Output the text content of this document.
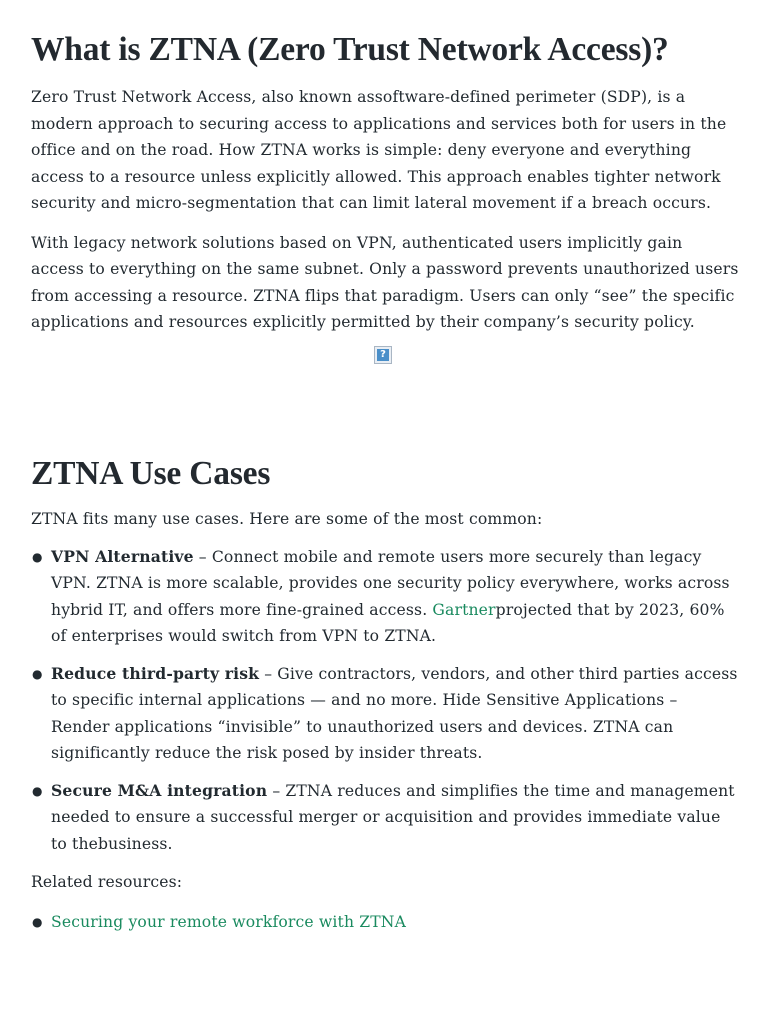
What is ZTNA (Zero Trust Network Access)?

Zero Trust Network Access, also known assoftware-defined perimeter (SDP), is a modern approach to securing access to applications and services both for users in the office and on the road. How ZTNA works is simple: deny everyone and everything access to a resource unless explicitly allowed. This approach enables tighter network security and micro-segmentation that can limit lateral movement if a breach occurs.

With legacy network solutions based on VPN, authenticated users implicitly gain access to everything on the same subnet. Only a password prevents unauthorized users from accessing a resource. ZTNA flips that paradigm. Users can only “see” the specific applications and resources explicitly permitted by their company’s security policy.

?
ZTNA Use Cases

ZTNA fits many use cases. Here are some of the most common:

● VPN Alternative – Connect mobile and remote users more securely than legacy VPN. ZTNA is more scalable, provides one security policy everywhere, works across hybrid IT, and offers more fine-grained access. Gartnerprojected that by 2023, 60% of enterprises would switch from VPN to ZTNA.
● Reduce third-party risk – Give contractors, vendors, and other third parties access to specific internal applications — and no more. Hide Sensitive Applications – Render applications “invisible” to unauthorized users and devices. ZTNA can significantly reduce the risk posed by insider threats.
● Secure M&A integration – ZTNA reduces and simplifies the time and management needed to ensure a successful merger or acquisition and provides immediate value to thebusiness.

Related resources:

● Securing your remote workforce with ZTNA
